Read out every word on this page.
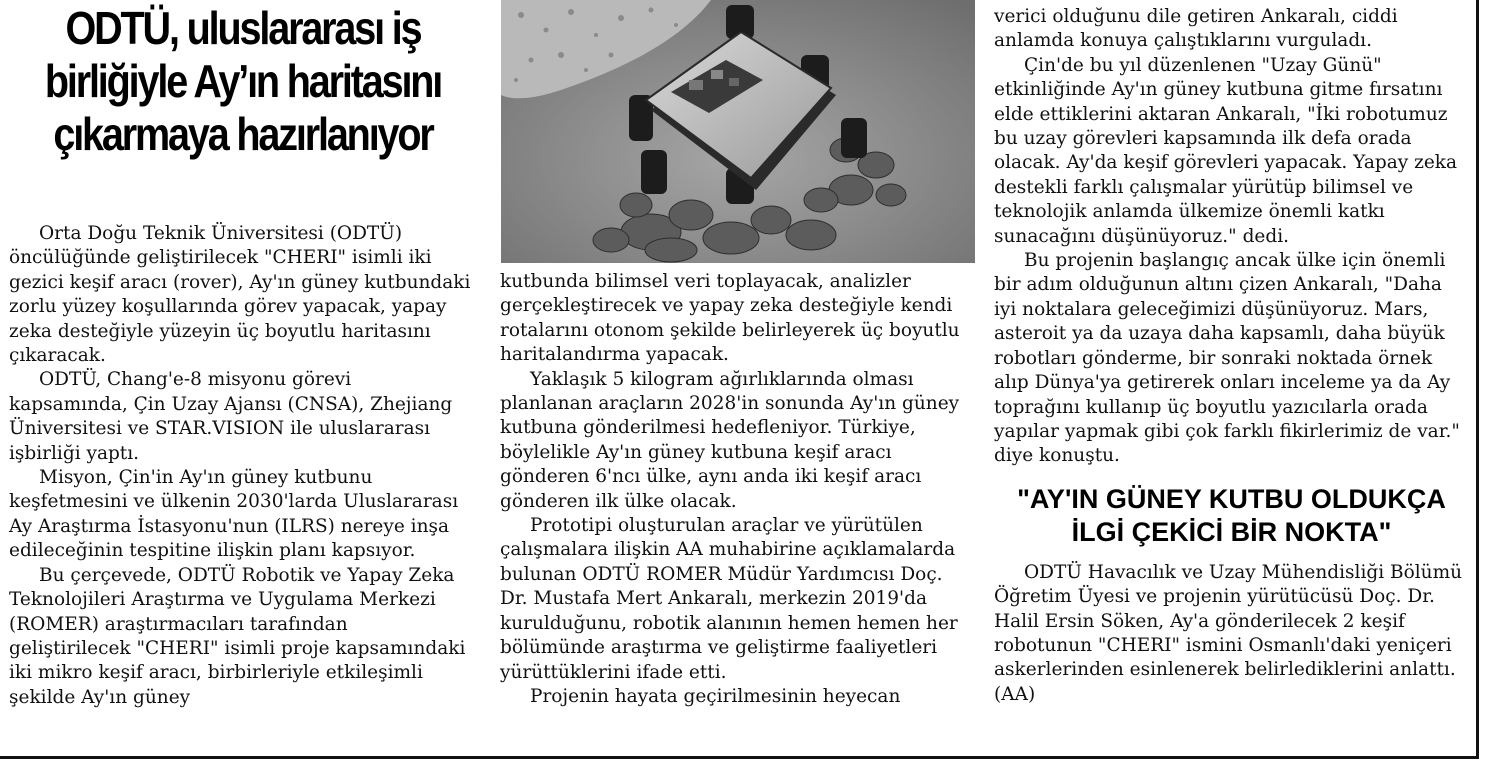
ODTÜ, uluslararası iş birliğiyle Ay’ın haritasını çıkarmaya hazırlanıyor

Orta Doğu Teknik Üniversitesi (ODTÜ) öncülüğünde geliştirilecek "CHERI" isimli iki gezici keşif aracı (rover), Ay'ın güney kutbundaki zorlu yüzey koşullarında görev yapacak, yapay zeka desteğiyle yüzeyin üç boyutlu haritasını çıkaracak.

ODTÜ, Chang'e-8 misyonu görevi kapsamında, Çin Uzay Ajansı (CNSA), Zhejiang Üniversitesi ve STAR.VISION ile uluslararası işbirliği yaptı.

Misyon, Çin'in Ay'ın güney kutbunu keşfetmesini ve ülkenin 2030'larda Uluslararası Ay Araştırma İstasyonu'nun (ILRS) nereye inşa edileceğinin tespitine ilişkin planı kapsıyor.

Bu çerçevede, ODTÜ Robotik ve Yapay Zeka Teknolojileri Araştırma ve Uygulama Merkezi (ROMER) araştırmacıları tarafından geliştirilecek "CHERI" isimli proje kapsamındaki iki mikro keşif aracı, birbirleriyle etkileşimli şekilde Ay'ın güney

kutbunda bilimsel veri toplayacak, analizler gerçekleştirecek ve yapay zeka desteğiyle kendi rotalarını otonom şekilde belirleyerek üç boyutlu haritalandırma yapacak.

Yaklaşık 5 kilogram ağırlıklarında olması planlanan araçların 2028'in sonunda Ay'ın güney kutbuna gönderilmesi hedefleniyor. Türkiye, böylelikle Ay'ın güney kutbuna keşif aracı gönderen 6'ncı ülke, aynı anda iki keşif aracı gönderen ilk ülke olacak.

Prototipi oluşturulan araçlar ve yürütülen çalışmalara ilişkin AA muhabirine açıklamalarda bulunan ODTÜ ROMER Müdür Yardımcısı Doç. Dr. Mustafa Mert Ankaralı, merkezin 2019'da kurulduğunu, robotik alanının hemen hemen her bölümünde araştırma ve geliştirme faaliyetleri yürüttüklerini ifade etti.

Projenin hayata geçirilmesinin heyecan

verici olduğunu dile getiren Ankaralı, ciddi anlamda konuya çalıştıklarını vurguladı.

Çin'de bu yıl düzenlenen "Uzay Günü" etkinliğinde Ay'ın güney kutbuna gitme fırsatını elde ettiklerini aktaran Ankaralı, "İki robotumuz bu uzay görevleri kapsamında ilk defa orada olacak. Ay'da keşif görevleri yapacak. Yapay zeka destekli farklı çalışmalar yürütüp bilimsel ve teknolojik anlamda ülkemize önemli katkı sunacağını düşünüyoruz." dedi.

Bu projenin başlangıç ancak ülke için önemli bir adım olduğunun altını çizen Ankaralı, "Daha iyi noktalara geleceğimizi düşünüyoruz. Mars, asteroit ya da uzaya daha kapsamlı, daha büyük robotları gönderme, bir sonraki noktada örnek alıp Dünya'ya getirerek onları inceleme ya da Ay toprağını kullanıp üç boyutlu yazıcılarla orada yapılar yapmak gibi çok farklı fikirlerimiz de var." diye konuştu.

"AY'IN GÜNEY KUTBU OLDUKÇA İLGİ ÇEKİCİ BİR NOKTA"

ODTÜ Havacılık ve Uzay Mühendisliği Bölümü Öğretim Üyesi ve projenin yürütücüsü Doç. Dr. Halil Ersin Söken, Ay'a gönderilecek 2 keşif robotunun "CHERI" ismini Osmanlı'daki yeniçeri askerlerinden esinlenerek belirlediklerini anlattı. (AA)
